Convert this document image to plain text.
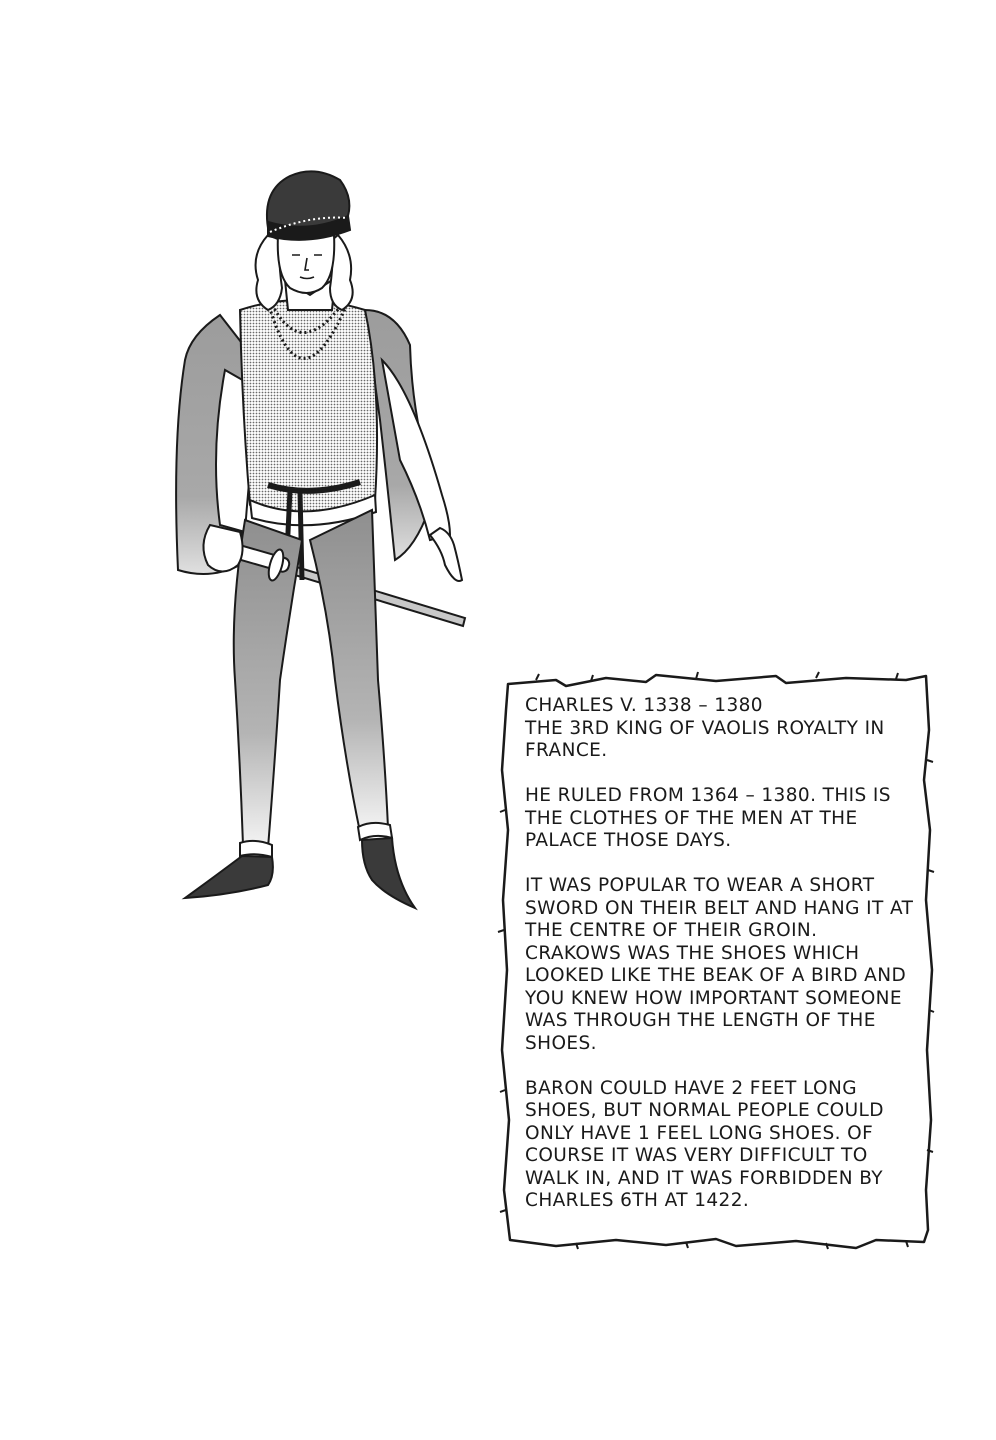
CHARLES V. 1338 – 1380
THE 3RD KING OF VAOLIS ROYALTY IN
FRANCE.

HE RULED FROM 1364 – 1380. THIS IS
THE CLOTHES OF THE MEN AT THE
PALACE THOSE DAYS.

IT WAS POPULAR TO WEAR A SHORT
SWORD ON THEIR BELT AND HANG IT AT
THE CENTRE OF THEIR GROIN.
CRAKOWS WAS THE SHOES WHICH
LOOKED LIKE THE BEAK OF A BIRD AND
YOU KNEW HOW IMPORTANT SOMEONE
WAS THROUGH THE LENGTH OF THE
SHOES.

BARON COULD HAVE 2 FEET LONG
SHOES, BUT NORMAL PEOPLE COULD
ONLY HAVE 1 FEEL LONG SHOES. OF
COURSE IT WAS VERY DIFFICULT TO
WALK IN, AND IT WAS FORBIDDEN BY
CHARLES 6TH AT 1422.
